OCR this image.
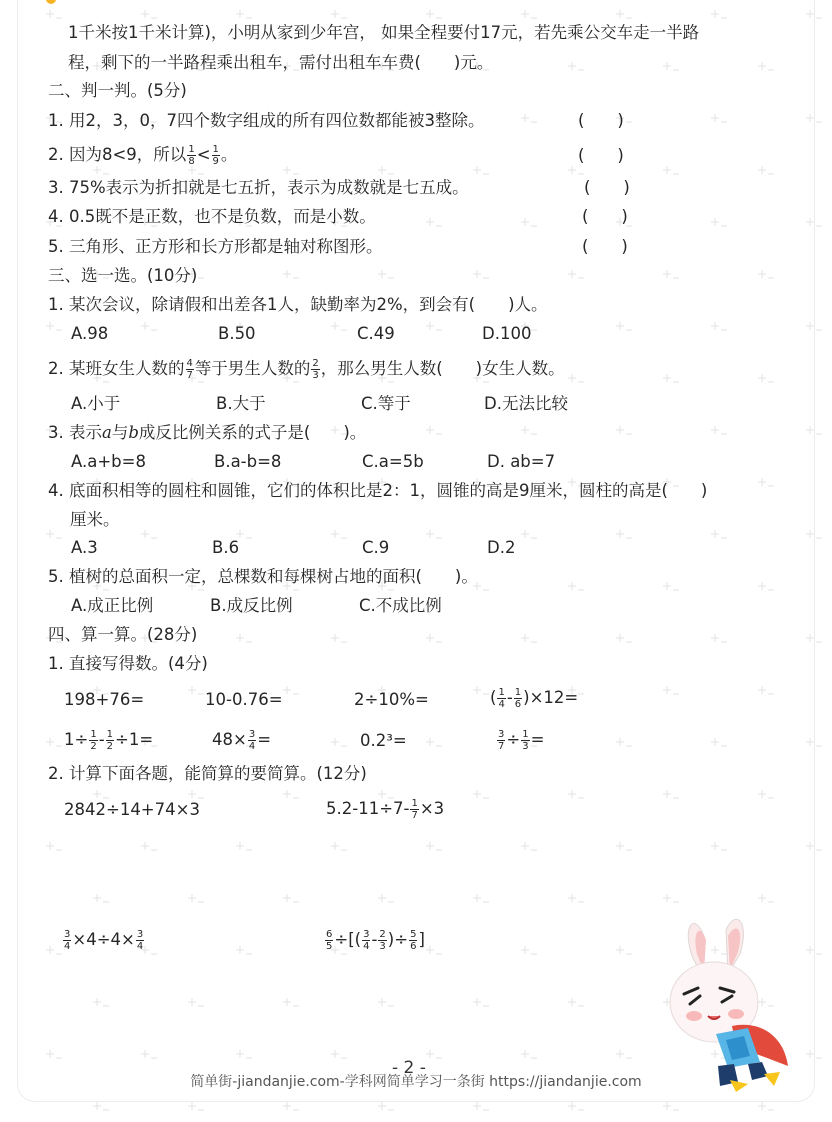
1千米按1千米计算)，小明从家到少年宫， 如果全程要付17元，若先乘公交车走一半路
程，剩下的一半路程乘出租车，需付出租车车费(　　)元。
二、判一判。(5分)
1. 用2，3，0，7四个数字组成的所有四位数都能被3整除。	(　　)
2. 因为8<9，所以 $\frac{1}{8} < \frac{1}{9}$ 。	(　　)
3. 75%表示为折扣就是七五折，表示为成数就是七五成。	(　　)
4. 0.5既不是正数，也不是负数，而是小数。	(　　)
5. 三角形、正方形和长方形都是轴对称图形。	(　　)
三、选一选。(10分)
1. 某次会议，除请假和出差各1人，缺勤率为2%，到会有(　　)人。
A.98	B.50	C.49	D.100
2. 某班女生人数的 $\frac{4}{7}$ 等于男生人数的 $\frac{2}{3}$ ，那么男生人数(　　)女生人数。
A.小于	B.大于	C.等于	D.无法比较
3. 表示a与b成反比例关系的式子是(　　)。
A.a+b=8	B.a-b=8	C.a=5b	D. ab=7
4. 底面积相等的圆柱和圆锥，它们的体积比是2：1，圆锥的高是9厘米，圆柱的高是(　　)
厘米。
A.3	B.6	C.9	D.2
5. 植树的总面积一定，总棵数和每棵树占地的面积(　　)。
A.成正比例	B.成反比例	C.不成比例
四、算一算。(28分)
1. 直接写得数。(4分)
198+76=	10-0.76=	2÷10%=	( $\frac{1}{4} - \frac{1}{6} )\times 12=$
$1\div \frac{1}{2} - \frac{1}{2} \div 1=$	$48\times \frac{3}{4}$ =	0.2³=	$\frac{3}{7} \div \frac{1}{3}$ =
2. 计算下面各题，能简算的要简算。(12分)
2842÷14+74×3	$5.2-11\div 7- \frac{1}{7} \times 3$
$\frac{3}{4} \times 4\div 4\times \frac{3}{4}$	$\frac{6}{5}$ ÷[( $\frac{3}{4} - \frac{2}{3}$ )÷ $\frac{5}{6}$ ]
- 2 -
简单街-jiandanjie.com-学科网简单学习一条街 https://jiandanjie.com
